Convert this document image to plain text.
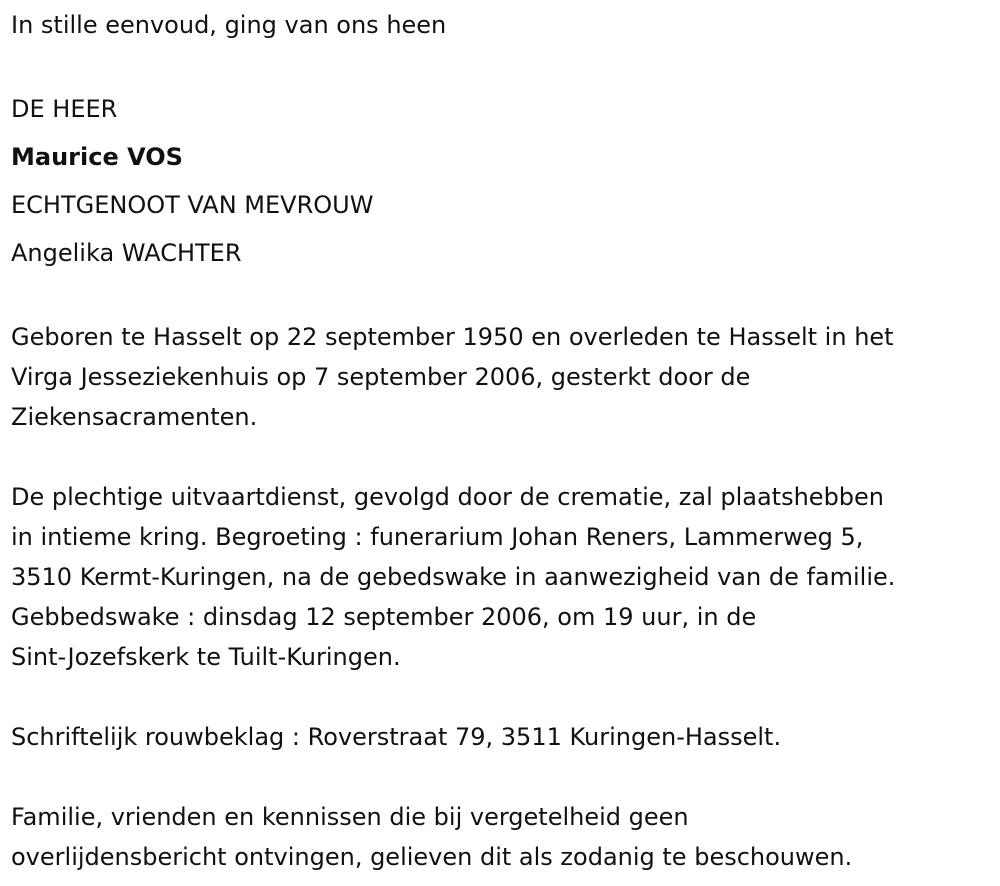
In stille eenvoud, ging van ons heen

DE HEER

Maurice VOS

ECHTGENOOT VAN MEVROUW

Angelika WACHTER

Geboren te Hasselt op 22 september 1950 en overleden te Hasselt in het

Virga Jesseziekenhuis op 7 september 2006, gesterkt door de

Ziekensacramenten.

De plechtige uitvaartdienst, gevolgd door de crematie, zal plaatshebben

in intieme kring. Begroeting : funerarium Johan Reners, Lammerweg 5,

3510 Kermt-Kuringen, na de gebedswake in aanwezigheid van de familie.

Gebbedswake : dinsdag 12 september 2006, om 19 uur, in de

Sint-Jozefskerk te Tuilt-Kuringen.

Schriftelijk rouwbeklag : Roverstraat 79, 3511 Kuringen-Hasselt.

Familie, vrienden en kennissen die bij vergetelheid geen

overlijdensbericht ontvingen, gelieven dit als zodanig te beschouwen.
